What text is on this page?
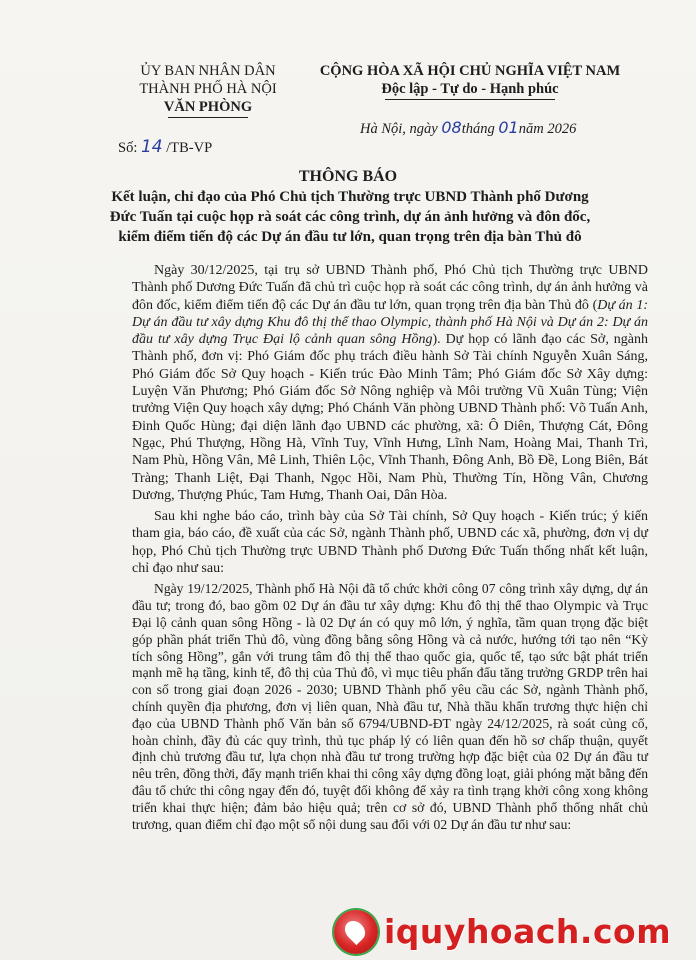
ỦY BAN NHÂN DÂN
THÀNH PHỐ HÀ NỘI
VĂN PHÒNG
CỘNG HÒA XÃ HỘI CHỦ NGHĨA VIỆT NAM
Độc lập - Tự do - Hạnh phúc
Hà Nội, ngày 08tháng 01năm 2026
Số: 14 /TB-VP
THÔNG BÁO
Kết luận, chỉ đạo của Phó Chủ tịch Thường trực UBND Thành phố Dương Đức Tuấn tại cuộc họp rà soát các công trình, dự án ảnh hưởng và đôn đốc, kiểm điểm tiến độ các Dự án đầu tư lớn, quan trọng trên địa bàn Thủ đô

Ngày 30/12/2025, tại trụ sở UBND Thành phố, Phó Chủ tịch Thường trực UBND Thành phố Dương Đức Tuấn đã chủ trì cuộc họp rà soát các công trình, dự án ảnh hưởng và đôn đốc, kiểm điểm tiến độ các Dự án đầu tư lớn, quan trọng trên địa bàn Thủ đô (Dự án 1: Dự án đầu tư xây dựng Khu đô thị thể thao Olympic, thành phố Hà Nội và Dự án 2: Dự án đầu tư xây dựng Trục Đại lộ cảnh quan sông Hồng). Dự họp có lãnh đạo các Sở, ngành Thành phố, đơn vị: Phó Giám đốc phụ trách điều hành Sở Tài chính Nguyễn Xuân Sáng, Phó Giám đốc Sở Quy hoạch - Kiến trúc Đào Minh Tâm; Phó Giám đốc Sở Xây dựng: Luyện Văn Phương; Phó Giám đốc Sở Nông nghiệp và Môi trường Vũ Xuân Tùng; Viện trưởng Viện Quy hoạch xây dựng; Phó Chánh Văn phòng UBND Thành phố: Võ Tuấn Anh, Đinh Quốc Hùng; đại diện lãnh đạo UBND các phường, xã: Ô Diên, Thượng Cát, Đông Ngạc, Phú Thượng, Hồng Hà, Vĩnh Tuy, Vĩnh Hưng, Lĩnh Nam, Hoàng Mai, Thanh Trì, Nam Phù, Hồng Vân, Mê Linh, Thiên Lộc, Vĩnh Thanh, Đông Anh, Bồ Đề, Long Biên, Bát Tràng; Thanh Liệt, Đại Thanh, Ngọc Hồi, Nam Phù, Thường Tín, Hồng Vân, Chương Dương, Thượng Phúc, Tam Hưng, Thanh Oai, Dân Hòa.

Sau khi nghe báo cáo, trình bày của Sở Tài chính, Sở Quy hoạch - Kiến trúc; ý kiến tham gia, báo cáo, đề xuất của các Sở, ngành Thành phố, UBND các xã, phường, đơn vị dự họp, Phó Chủ tịch Thường trực UBND Thành phố Dương Đức Tuấn thống nhất kết luận, chỉ đạo như sau:

Ngày 19/12/2025, Thành phố Hà Nội đã tổ chức khởi công 07 công trình xây dựng, dự án đầu tư; trong đó, bao gồm 02 Dự án đầu tư xây dựng: Khu đô thị thể thao Olympic và Trục Đại lộ cảnh quan sông Hồng - là 02 Dự án có quy mô lớn, ý nghĩa, tầm quan trọng đặc biệt góp phần phát triển Thủ đô, vùng đồng bằng sông Hồng và cả nước, hướng tới tạo nên “Kỳ tích sông Hồng”, gắn với trung tâm đô thị thể thao quốc gia, quốc tế, tạo sức bật phát triển mạnh mẽ hạ tầng, kinh tế, đô thị của Thủ đô, vì mục tiêu phấn đấu tăng trưởng GRDP trên hai con số trong giai đoạn 2026 - 2030; UBND Thành phố yêu cầu các Sở, ngành Thành phố, chính quyền địa phương, đơn vị liên quan, Nhà đầu tư, Nhà thầu khẩn trương thực hiện chỉ đạo của UBND Thành phố Văn bản số 6794/UBND-ĐT ngày 24/12/2025, rà soát củng cố, hoàn chỉnh, đầy đủ các quy trình, thủ tục pháp lý có liên quan đến hồ sơ chấp thuận, quyết định chủ trương đầu tư, lựa chọn nhà đầu tư trong trường hợp đặc biệt của 02 Dự án đầu tư nêu trên, đồng thời, đẩy mạnh triển khai thi công xây dựng đồng loạt, giải phóng mặt bằng đến đâu tổ chức thi công ngay đến đó, tuyệt đối không để xảy ra tình trạng khởi công xong không triển khai thực hiện; đảm bảo hiệu quả; trên cơ sở đó, UBND Thành phố thống nhất chủ trương, quan điểm chỉ đạo một số nội dung sau đối với 02 Dự án đầu tư như sau:

iquyhoach.com
